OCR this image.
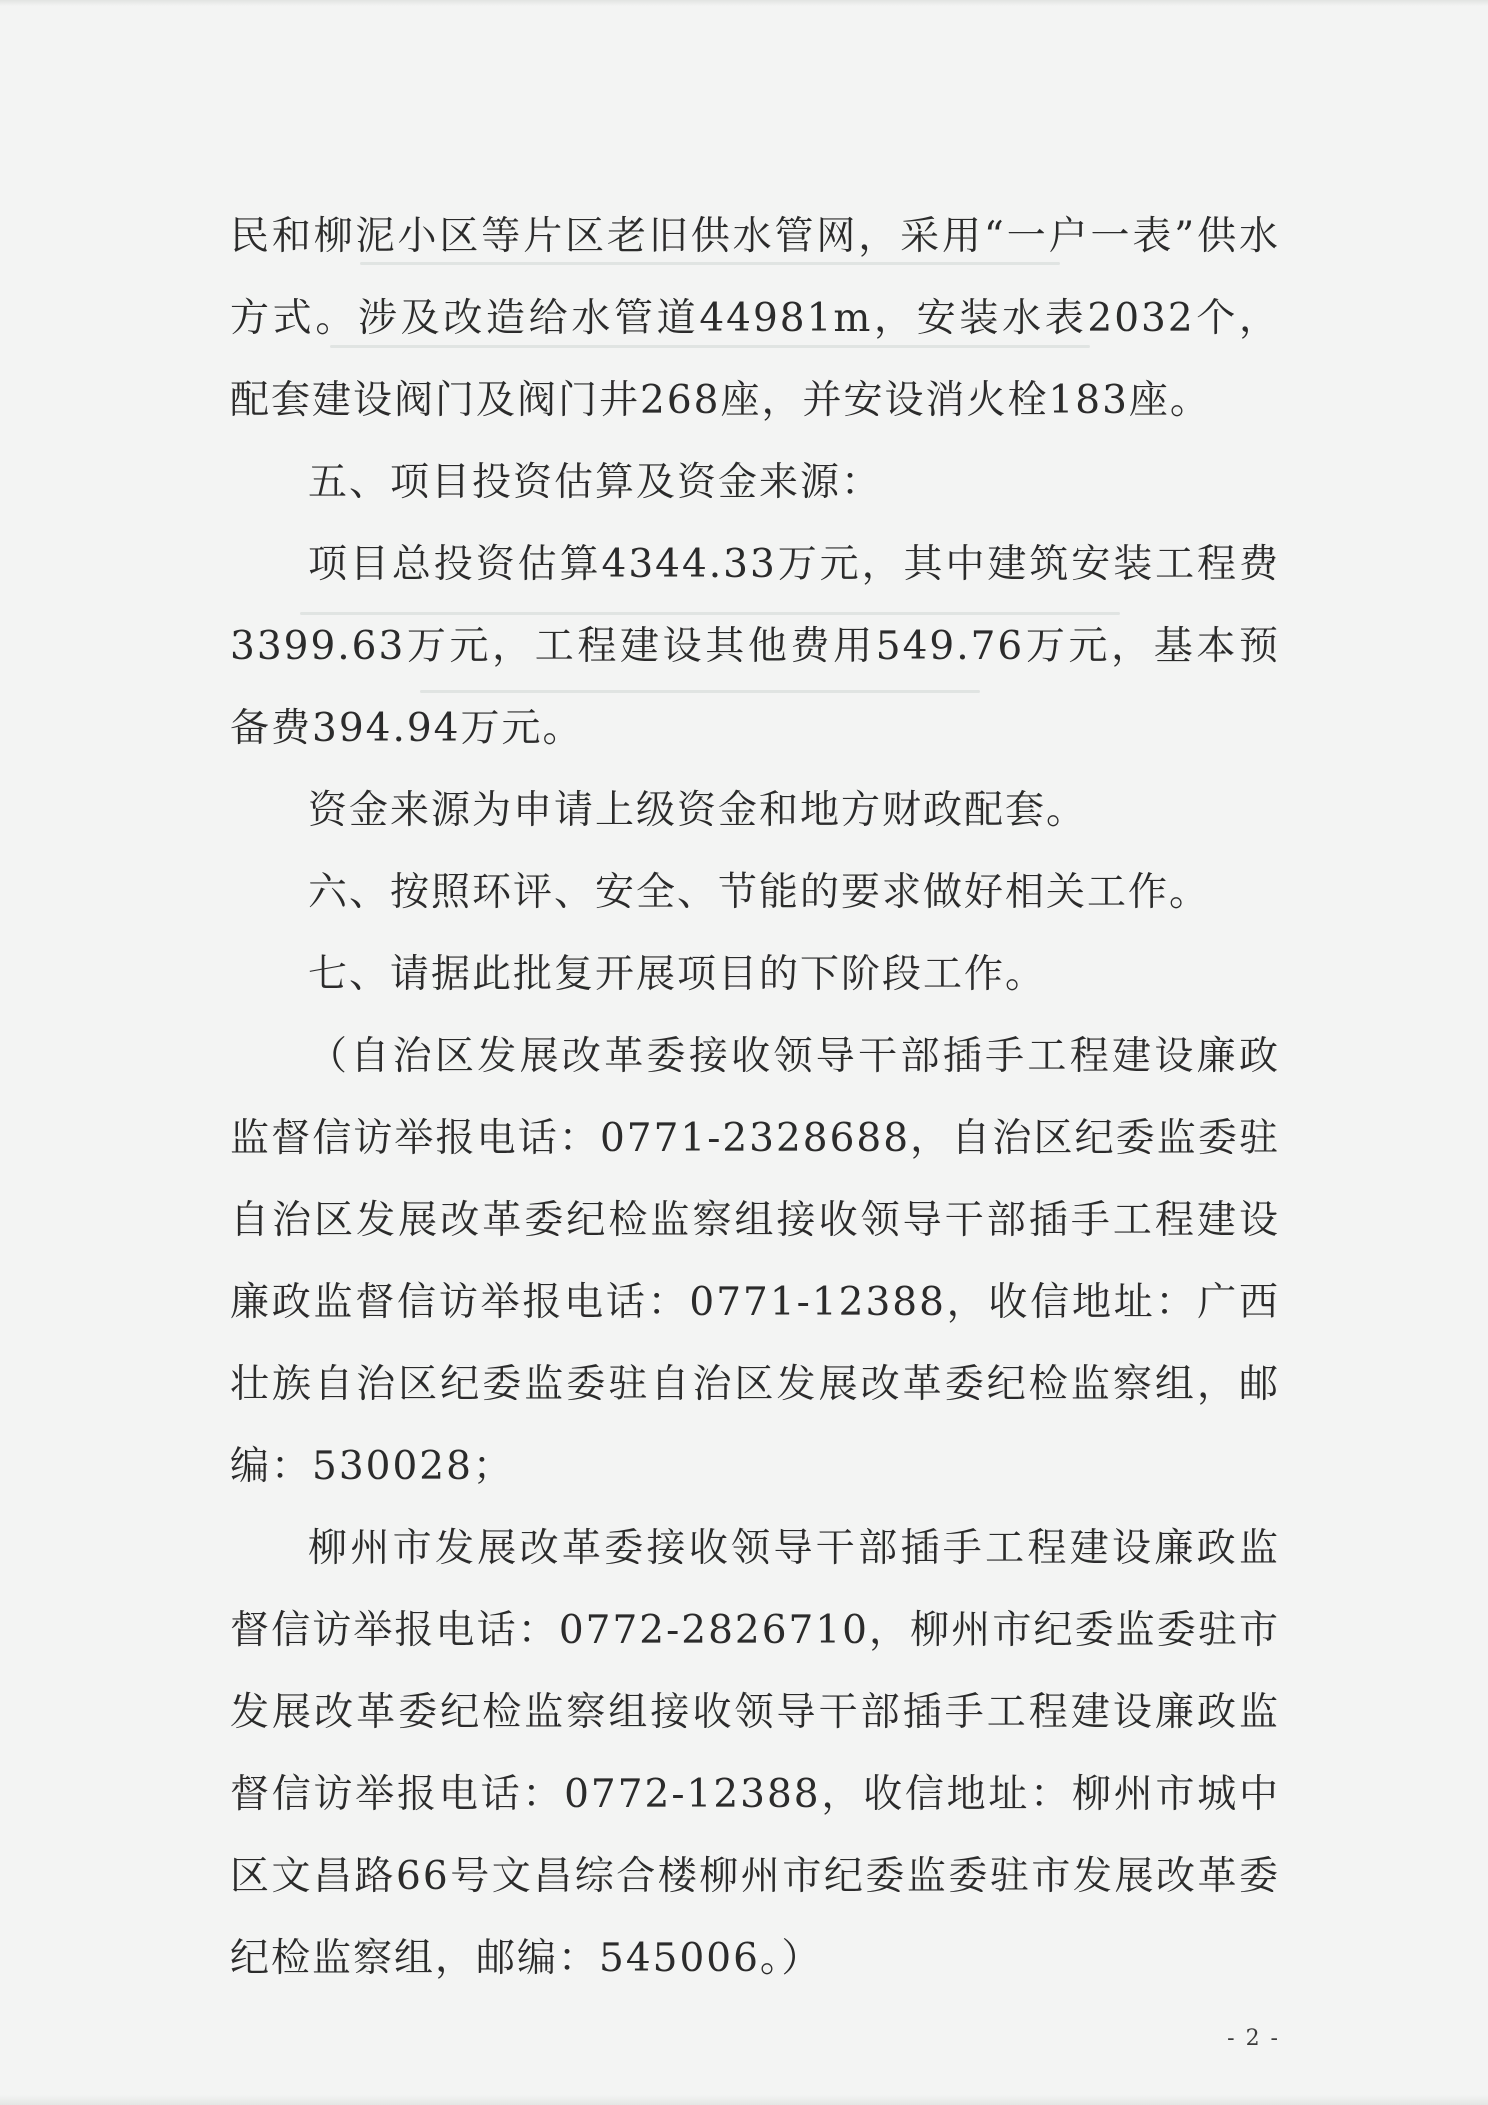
民和柳泥小区等片区老旧供水管网，采用“一户一表”供水方式。涉及改造给水管道44981m，安装水表2032个，配套建设阀门及阀门井268座，并安设消火栓183座。

五、项目投资估算及资金来源：

项目总投资估算4344.33万元，其中建筑安装工程费3399.63万元，工程建设其他费用549.76万元，基本预备费394.94万元。

资金来源为申请上级资金和地方财政配套。

六、按照环评、安全、节能的要求做好相关工作。

七、请据此批复开展项目的下阶段工作。

（自治区发展改革委接收领导干部插手工程建设廉政监督信访举报电话：0771-2328688，自治区纪委监委驻自治区发展改革委纪检监察组接收领导干部插手工程建设廉政监督信访举报电话：0771-12388，收信地址：广西壮族自治区纪委监委驻自治区发展改革委纪检监察组，邮编：530028；

柳州市发展改革委接收领导干部插手工程建设廉政监督信访举报电话：0772-2826710，柳州市纪委监委驻市发展改革委纪检监察组接收领导干部插手工程建设廉政监督信访举报电话：0772-12388，收信地址：柳州市城中区文昌路66号文昌综合楼柳州市纪委监委驻市发展改革委纪检监察组，邮编：545006。）

- 2 -
